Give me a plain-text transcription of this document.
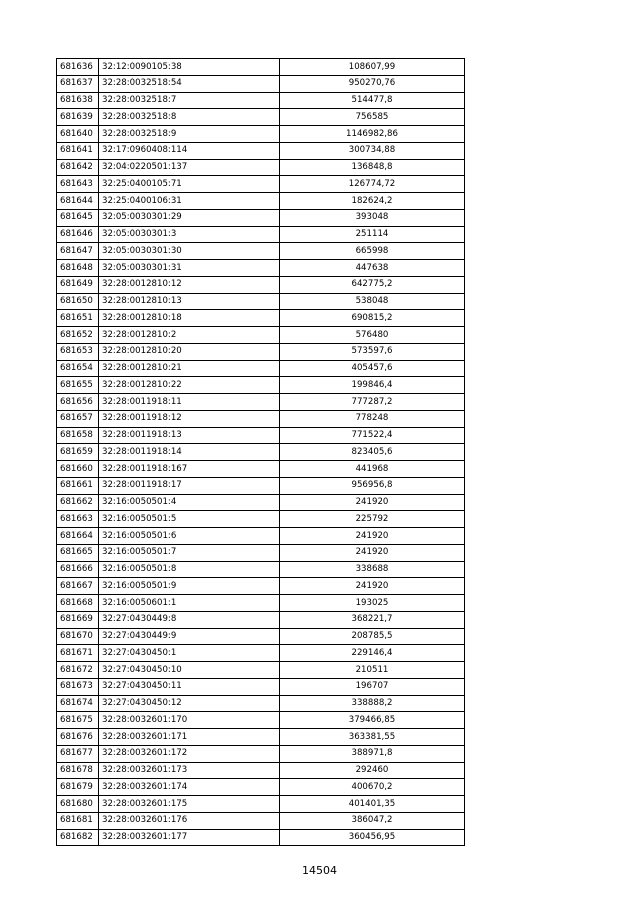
681636	32:12:0090105:38	108607,99
681637	32:28:0032518:54	950270,76
681638	32:28:0032518:7	514477,8
681639	32:28:0032518:8	756585
681640	32:28:0032518:9	1146982,86
681641	32:17:0960408:114	300734,88
681642	32:04:0220501:137	136848,8
681643	32:25:0400105:71	126774,72
681644	32:25:0400106:31	182624,2
681645	32:05:0030301:29	393048
681646	32:05:0030301:3	251114
681647	32:05:0030301:30	665998
681648	32:05:0030301:31	447638
681649	32:28:0012810:12	642775,2
681650	32:28:0012810:13	538048
681651	32:28:0012810:18	690815,2
681652	32:28:0012810:2	576480
681653	32:28:0012810:20	573597,6
681654	32:28:0012810:21	405457,6
681655	32:28:0012810:22	199846,4
681656	32:28:0011918:11	777287,2
681657	32:28:0011918:12	778248
681658	32:28:0011918:13	771522,4
681659	32:28:0011918:14	823405,6
681660	32:28:0011918:167	441968
681661	32:28:0011918:17	956956,8
681662	32:16:0050501:4	241920
681663	32:16:0050501:5	225792
681664	32:16:0050501:6	241920
681665	32:16:0050501:7	241920
681666	32:16:0050501:8	338688
681667	32:16:0050501:9	241920
681668	32:16:0050601:1	193025
681669	32:27:0430449:8	368221,7
681670	32:27:0430449:9	208785,5
681671	32:27:0430450:1	229146,4
681672	32:27:0430450:10	210511
681673	32:27:0430450:11	196707
681674	32:27:0430450:12	338888,2
681675	32:28:0032601:170	379466,85
681676	32:28:0032601:171	363381,55
681677	32:28:0032601:172	388971,8
681678	32:28:0032601:173	292460
681679	32:28:0032601:174	400670,2
681680	32:28:0032601:175	401401,35
681681	32:28:0032601:176	386047,2
681682	32:28:0032601:177	360456,95
14504
